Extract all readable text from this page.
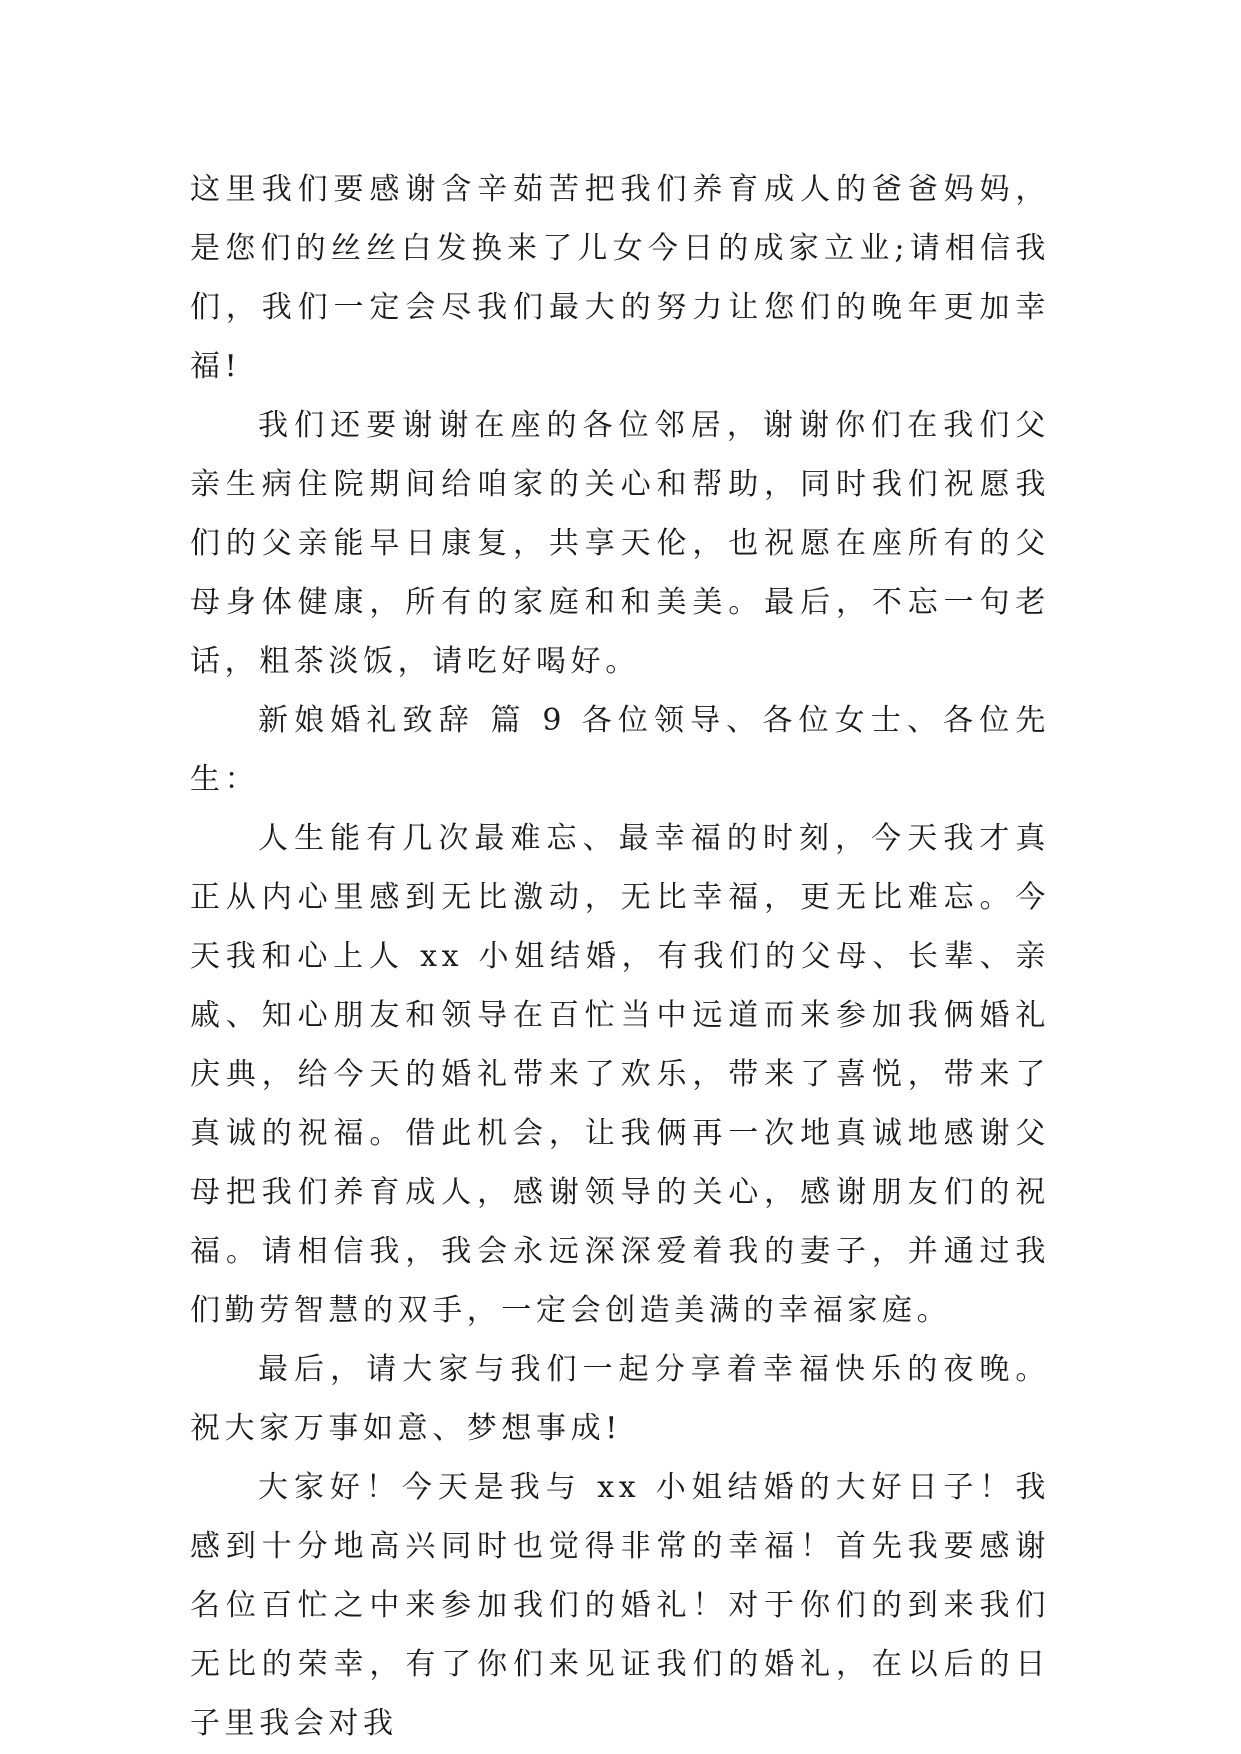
这里我们要感谢含辛茹苦把我们养育成人的爸爸妈妈，是您们的丝丝白发换来了儿女今日的成家立业;请相信我们，我们一定会尽我们最大的努力让您们的晚年更加幸福!

我们还要谢谢在座的各位邻居，谢谢你们在我们父亲生病住院期间给咱家的关心和帮助，同时我们祝愿我们的父亲能早日康复，共享天伦，也祝愿在座所有的父母身体健康，所有的家庭和和美美。最后，不忘一句老话，粗茶淡饭，请吃好喝好。

新娘婚礼致辞 篇 9 各位领导、各位女士、各位先生：

人生能有几次最难忘、最幸福的时刻，今天我才真正从内心里感到无比激动，无比幸福，更无比难忘。今天我和心上人 xx 小姐结婚，有我们的父母、长辈、亲戚、知心朋友和领导在百忙当中远道而来参加我俩婚礼庆典，给今天的婚礼带来了欢乐，带来了喜悦，带来了真诚的祝福。借此机会，让我俩再一次地真诚地感谢父母把我们养育成人，感谢领导的关心，感谢朋友们的祝福。请相信我，我会永远深深爱着我的妻子，并通过我们勤劳智慧的双手，一定会创造美满的幸福家庭。

最后，请大家与我们一起分享着幸福快乐的夜晚。祝大家万事如意、梦想事成!

大家好！今天是我与 xx 小姐结婚的大好日子！我感到十分地高兴同时也觉得非常的幸福！首先我要感谢名位百忙之中来参加我们的婚礼！对于你们的到来我们无比的荣幸，有了你们来见证我们的婚礼，在以后的日子里我会对我
